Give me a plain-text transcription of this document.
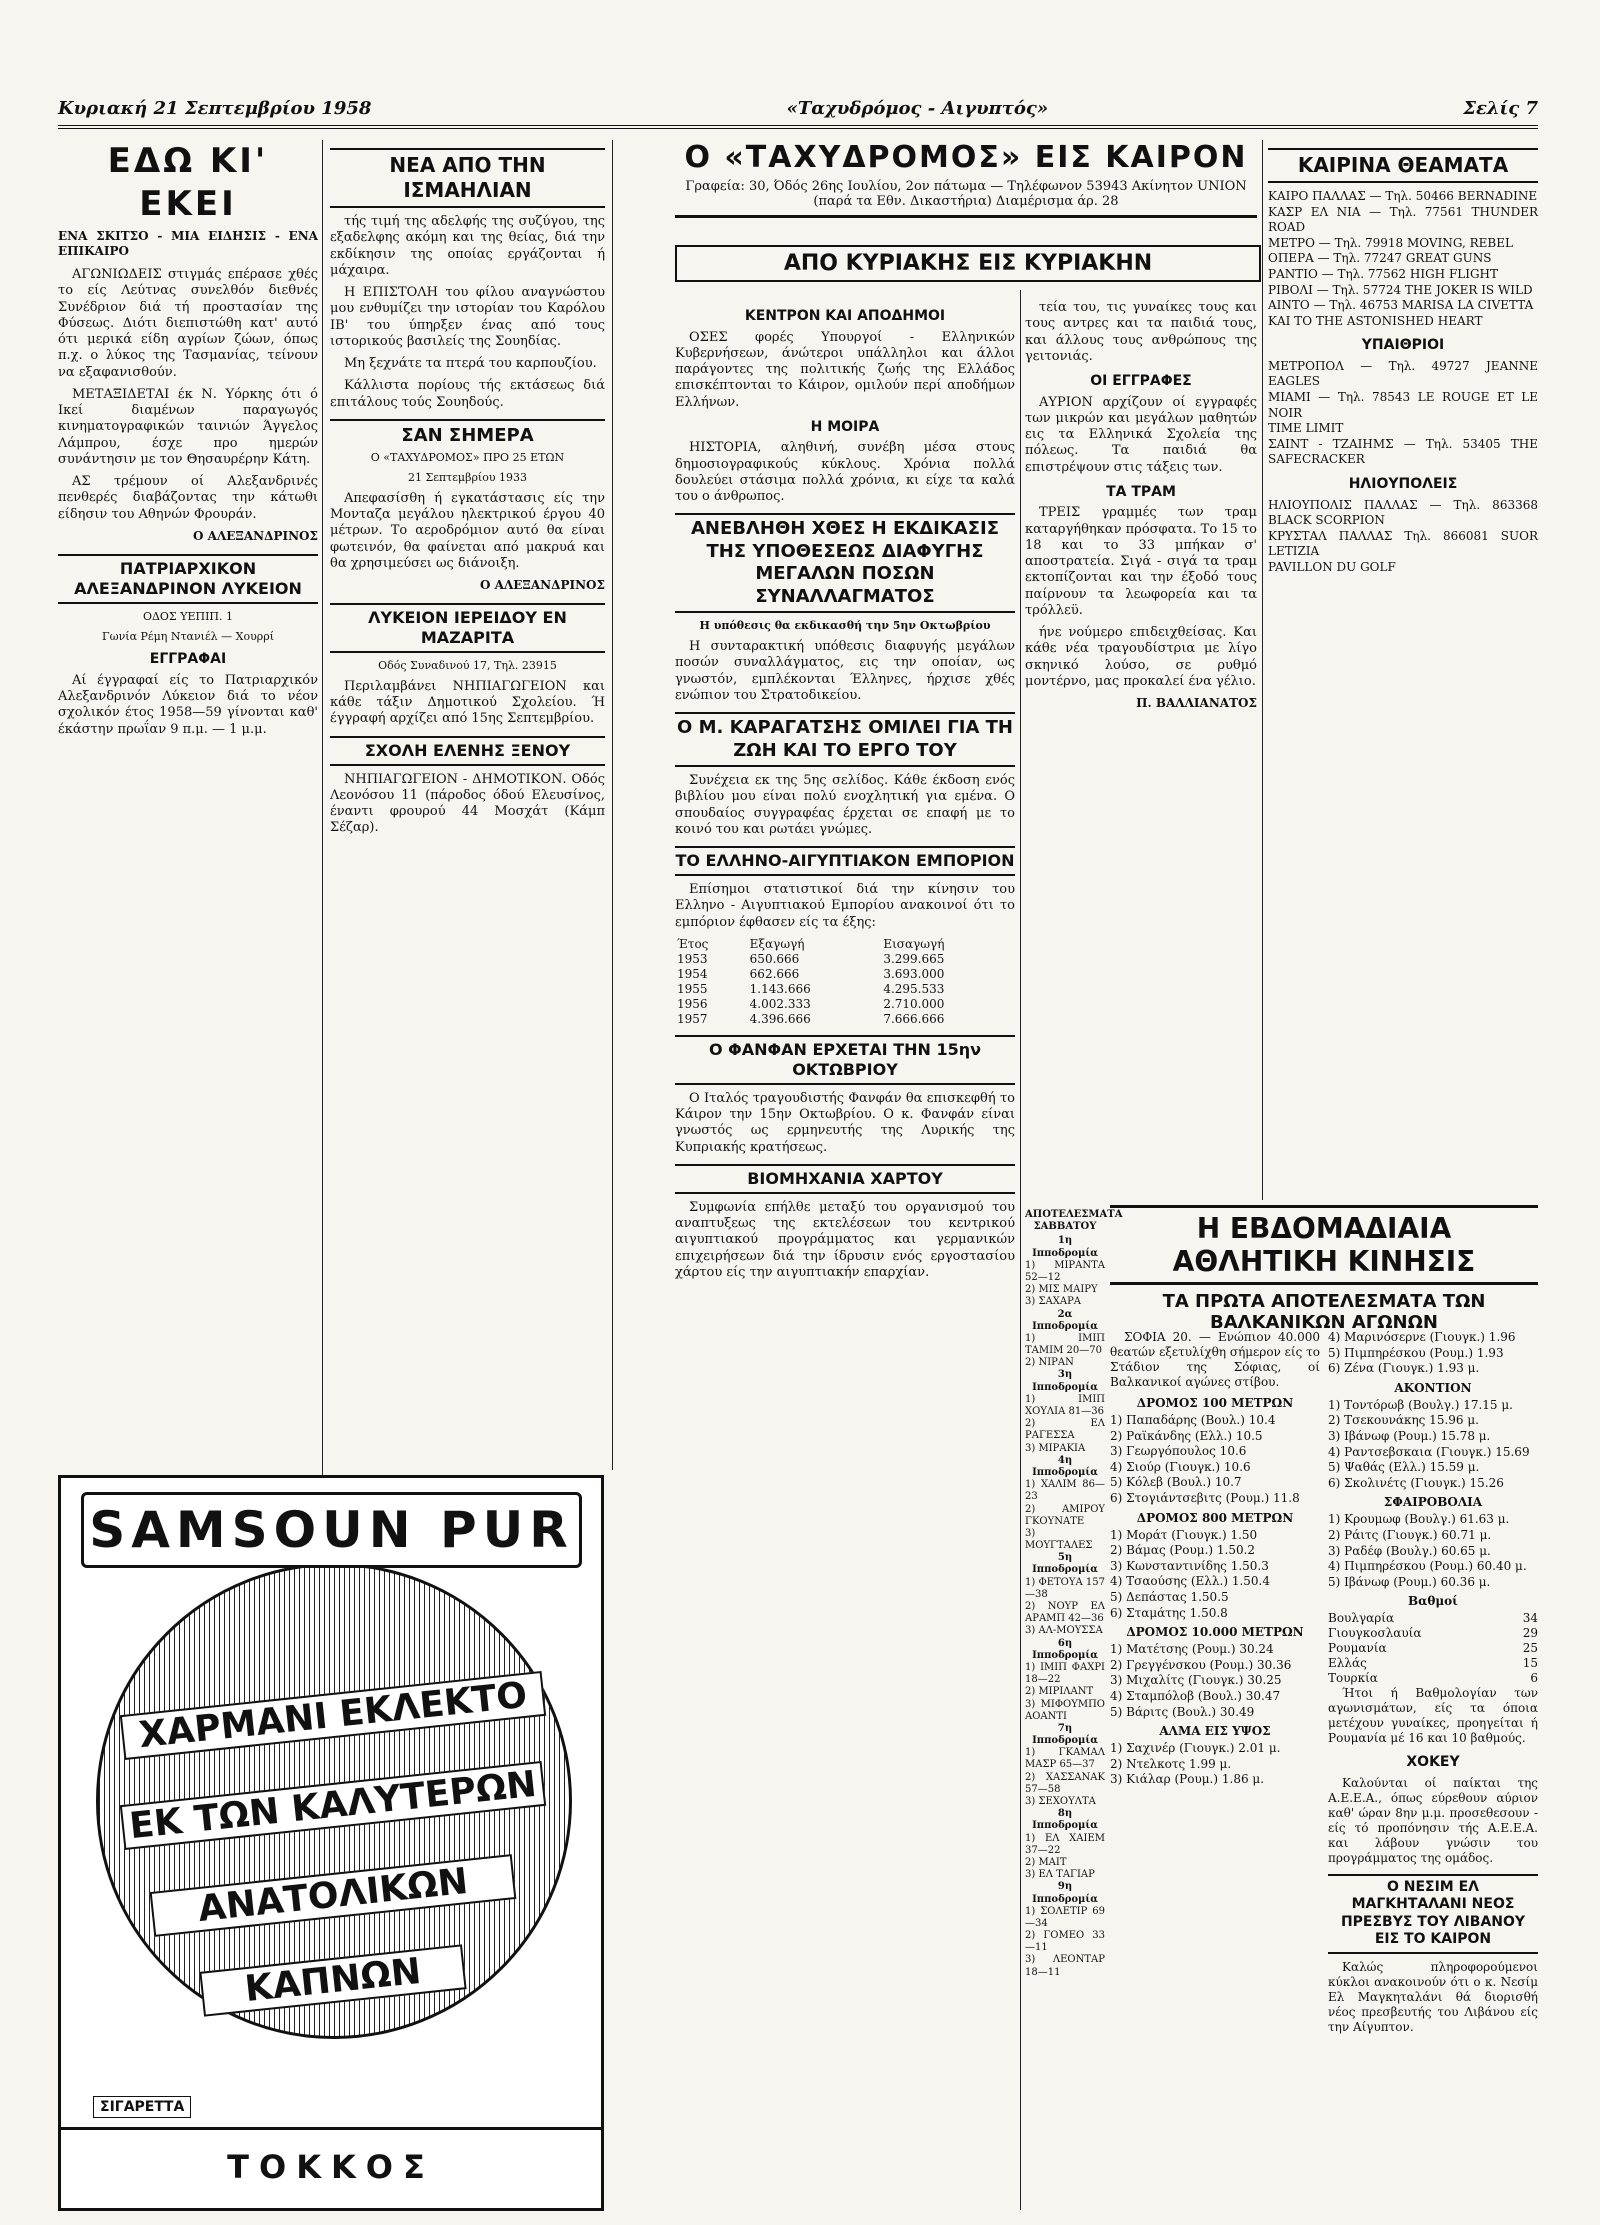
Κυριακή 21 Σεπτεμβρίου 1958	«Ταχυδρόμος - Αιγυπτός»	Σελίς 7
ΕΔΩ ΚΙ' ΕΚΕΙ
ΕΝΑ ΣΚΙΤΣΟ - ΜΙΑ ΕΙΔΗΣΙΣ - ΕΝΑ ΕΠΙΚΑΙΡΟ

ΑΓΩΝΙΩΔΕΙΣ στιγμάς επέρασε χθές το είς Λεύτνας συνελθόν διεθνές Συνέδριον διά τή προστασίαν της Φύσεως. Διότι διεπιστώθη κατ' αυτό ότι μερικά είδη αγρίων ζώων, όπως π.χ. ο λύκος της Τασμανίας, τείνουν να εξαφανισθούν.

ΜΕΤΑΞΙΔΕΤΑΙ έκ Ν. Υόρκης ότι ό Ικεί διαμένων παραγωγός κινηματογραφικών ταινιών Άγγελος Λάμπρου, έσχε προ ημερών συνάντησιν με τον Θησαυρέρην Κάτη.

ΑΣ τρέμουν οί Αλεξανδρινές πενθερές διαβάζοντας την κάτωθι είδησιν του Αθηνών Φρουράν.

Ο ΑΛΕΞΑΝΔΡΙΝΟΣ
ΠΑΤΡΙΑΡΧΙΚΟΝ ΑΛΕΞΑΝΔΡΙΝΟΝ ΛΥΚΕΙΟΝ
ΟΔΟΣ ΥΕΠΙΠ. 1
Γωνία Ρέμη Ντανιέλ — Χουρρί
ΕΓΓΡΑΦΑΙ

Αί έγγραφαί είς το Πατριαρχικόν Αλεξανδρινόν Λύκειον διά το νέον σχολικόν έτος 1958—59 γίνονται καθ' έκάστην πρωΐαν 9 π.μ. — 1 μ.μ.

ΝΕΑ ΑΠΟ ΤΗΝ ΙΣΜΑΗΛΙΑΝ

τής τιμή της αδελφής της συζύγου, της εξαδελφης ακόμη και της θείας, διά την εκδίκησιν της οποίας εργάζονται ή μάχαιρα.

Η ΕΠΙΣΤΟΛΗ του φίλου αναγνώστου μου ενθυμίζει την ιστορίαν του Καρόλου ΙΒ' του ύπηρξεν ένας από τους ιστορικούς βασιλείς της Σουηδίας.

Μη ξεχνάτε τα πτερά του καρπουζίου.

Κάλλιστα πορίους τής εκτάσεως διά επιτάλους τούς Σουηδούς.

ΣΑΝ ΣΗΜΕΡΑ
Ο «ΤΑΧΥΔΡΟΜΟΣ» ΠΡΟ 25 ΕΤΩΝ
21 Σεπτεμβρίου 1933

Απεφασίσθη ή εγκατάστασις είς την Μονταζα μεγάλου ηλεκτρικού έργου 40 μέτρων. Το αεροδρόμιον αυτό θα είναι φωτεινόν, θα φαίνεται από μακρυά και θα χρησιμεύσει ως διάνοιξη.

Ο ΑΛΕΞΑΝΔΡΙΝΟΣ
ΛΥΚΕΙΟΝ ΙΕΡΕΙΔΟΥ ΕΝ ΜΑΖΑΡΙΤΑ
Οδός Συναδινού 17, Τηλ. 23915

Περιλαμβάνει ΝΗΠΙΑΓΩΓΕΙΟΝ και κάθε τάξιν Δημοτικού Σχολείου. Ή έγγραφή αρχίζει από 15ης Σεπτεμβρίου.

ΣΧΟΛΗ ΕΛΕΝΗΣ ΞΕΝΟΥ

ΝΗΠΙΑΓΩΓΕΙΟΝ - ΔΗΜΟΤΙΚΟΝ. Οδός Λεονόσου 11 (πάροδος όδού Ελευσίνος, έναντι φρουρού 44 Μοσχάτ (Κάμπ Σέζαρ).

SAMSOUN PUR
ΧΑΡΜΑΝΙ ΕΚΛΕΚΤΟ
ΕΚ ΤΩΝ ΚΑΛΥΤΕΡΩΝ
ΑΝΑΤΟΛΙΚΩΝ
ΚΑΠΝΩΝ
ΣΙΓΑΡΕΤΤΑ
ΤΟΚΚΟΣ
Ο «ΤΑΧΥΔΡΟΜΟΣ» ΕΙΣ ΚΑΙΡΟΝ
Γραφεία: 30, Όδός 26ης Ιουλίου, 2ον πάτωμα — Τηλέφωνον 53943 Ακίνητον UNION (παρά τα Εθν. Δικαστήρια) Διαμέρισμα άρ. 28
ΑΠΟ ΚΥΡΙΑΚΗΣ ΕΙΣ ΚΥΡΙΑΚΗΝ
ΚΕΝΤΡΟΝ ΚΑΙ ΑΠΟΔΗΜΟΙ

ΟΣΕΣ φορές Υπουργοί - Ελληνικών Κυβερνήσεων, άνώτεροι υπάλληλοι και άλλοι παράγοντες της πολιτικής ζωής της Ελλάδος επισκέπτονται το Κάιρον, ομιλούν περί αποδήμων Ελλήνων.

Η ΜΟΙΡΑ

ΗΙΣΤΟΡΙΑ, αληθινή, συνέβη μέσα στους δημοσιογραφικούς κύκλους. Χρόνια πολλά δουλεύει στάσιμα πολλά χρόνια, κι είχε τα καλά του ο άνθρωπος.

ΑΝΕΒΛΗΘΗ ΧΘΕΣ Η ΕΚΔΙΚΑΣΙΣ ΤΗΣ ΥΠΟΘΕΣΕΩΣ ΔΙΑΦΥΓΗΣ ΜΕΓΑΛΩΝ ΠΟΣΩΝ ΣΥΝΑΛΛΑΓΜΑΤΟΣ
Η υπόθεσις θα εκδικασθή την 5ην Οκτωβρίου

Η συνταρακτική υπόθεσις διαφυγής μεγάλων ποσών συναλλάγματος, εις την οποίαν, ως γνωστόν, εμπλέκονται Έλληνες, ήρχισε χθές ενώπιον του Στρατοδικείου.

Ο Μ. ΚΑΡΑΓΑΤΣΗΣ ΟΜΙΛΕΙ ΓΙΑ ΤΗ ΖΩΗ ΚΑΙ ΤΟ ΕΡΓΟ ΤΟΥ

Συνέχεια εκ της 5ης σελίδος. Κάθε έκδοση ενός βιβλίου μου είναι πολύ ενοχλητική για εμένα. Ο σπουδαίος συγγραφέας έρχεται σε επαφή με το κοινό του και ρωτάει γνώμες.

ΤΟ ΕΛΛΗΝΟ-ΑΙΓΥΠΤΙΑΚΟΝ ΕΜΠΟΡΙΟΝ

Επίσημοι στατιστικοί διά την κίνησιν του Ελληνο - Αιγυπτιακού Εμπορίου ανακοινοί ότι το εμπόριον έφθασεν είς τα έξης:

Έτος	Εξαγωγή	Εισαγωγή
1953	650.666	3.299.665
1954	662.666	3.693.000
1955	1.143.666	4.295.533
1956	4.002.333	2.710.000
1957	4.396.666	7.666.666
Ο ΦΑΝΦΑΝ ΕΡΧΕΤΑΙ ΤΗΝ 15ην ΟΚΤΩΒΡΙΟΥ

Ο Ιταλός τραγουδιστής Φανφάν θα επισκεφθή το Κάιρον την 15ην Οκτωβρίου. Ο κ. Φανφάν είναι γνωστός ως ερμηνευτής της Λυρικής της Κυπριακής κρατήσεως.

ΒΙΟΜΗΧΑΝΙΑ ΧΑΡΤΟΥ

Συμφωνία επήλθε μεταξύ του οργανισμού του αναπτυξεως της εκτελέσεων του κεντρικού αιγυπτιακού προγράμματος και γερμανικών επιχειρήσεων διά την ίδρυσιν ενός εργοστασίου χάρτου είς την αιγυπτιακήν επαρχίαν.

τεία του, τις γυναίκες τους και τους αντρες και τα παιδιά τους, και άλλους τους ανθρώπους της γειτονιάς.

ΟΙ ΕΓΓΡΑΦΕΣ

ΑΥΡΙΟΝ αρχίζουν οί εγγραφές των μικρών και μεγάλων μαθητών εις τα Ελληνικά Σχολεία της πόλεως. Τα παιδιά θα επιστρέψουν στις τάξεις των.

ΤΑ ΤΡΑΜ

ΤΡΕΙΣ γραμμές των τραμ καταργήθηκαν πρόσφατα. Το 15 το 18 και το 33 μπήκαν σ' αποστρατεία. Σιγά - σιγά τα τραμ εκτοπίζονται και την έξοδό τους παίρνουν τα λεωφορεία και τα τρόλλεϋ.

ήνε νούμερο επιδειχθείσας. Και κάθε νέα τραγουδίστρια με λίγο σκηνικό λούσο, σε ρυθμό μοντέρνο, μας προκαλεί ένα γέλιο.

Π. ΒΑΛΛΙΑΝΑΤΟΣ
ΑΠΟΤΕΛΕΣΜΑΤΑ ΣΑΒΒΑΤΟΥ
1η Ιπποδρομία
1) ΜΙΡΑΝΤΑ 52—12
2) ΜΙΣ ΜΑΙΡΥ
3) ΣΑΧΑΡΑ
2α Ιπποδρομία
1) ΙΜΙΠ ΤΑΜΙΜ 20—70
2) ΝΙΡΑΝ
3η Ιπποδρομία
1) ΙΜΙΠ ΧΟΥΛΙΑ 81—36
2) ΕΛ ΡΑΓΕΣΣΑ
3) ΜΙΡΑΚΙΑ
4η Ιπποδρομία
1) ΧΑΛΙΜ 86—23
2) ΑΜΙΡΟΥ ΓΚΟΥΝΑΤΕ
3) ΜΟΥΓΤΑΛΕΣ
5η Ιπποδρομία
1) ΦΕΤΟΥΑ 157—38
2) ΝΟΥΡ ΕΛ ΑΡΑΜΠ 42—36
3) ΑΛ-ΜΟΥΣΣΑ
6η Ιπποδρομία
1) ΙΜΙΠ ΦΑΧΡΙ 18—22
2) ΜΙΡΙΛΑΝΤ
3) ΜΙΦΟΥΜΠΟ ΑΟΑΝΤΙ
7η Ιπποδρομία
1) ΓΚΑΜΑΛ ΜΑΣΡ 65—37
2) ΧΑΣΣΑΝΑΚ 57—58
3) ΣΕΧΟΥΛΤΑ
8η Ιπποδρομία
1) ΕΛ ΧΑΙΕΜ 37—22
2) ΜΑΙΤ
3) ΕΛ ΤΑΓΙΑΡ
9η Ιπποδρομία
1) ΣΟΛΕΤΙΡ 69—34
2) ΓΟΜΕΟ 33—11
3) ΛΕΟΝΤΑΡ 18—11
ΚΑΙΡΙΝΑ ΘΕΑΜΑΤΑ
ΚΑΙΡΟ ΠΑΛΛΑΣ — Τηλ. 50466 BERNADINE
ΚΑΣΡ ΕΛ ΝΙΑ — Τηλ. 77561 THUNDER ROAD
ΜΕΤΡΟ — Τηλ. 79918 MOVING, REBEL
ΟΠΕΡΑ — Τηλ. 77247 GREAT GUNS
ΡΑΝΤΙΟ — Τηλ. 77562 HIGH FLIGHT
ΡΙΒΟΛΙ — Τηλ. 57724 THE JOKER IS WILD
ΑΙΝΤΟ — Τηλ. 46753 MARISA LA CIVETTA
ΚΑΙ ΤΟ THE ASTONISHED HEART
ΥΠΑΙΘΡΙΟΙ
ΜΕΤΡΟΠΟΛ — Τηλ. 49727 JEANNE EAGLES
ΜΙΑΜΙ — Τηλ. 78543 LE ROUGE ET LE NOIR
TIME LIMIT
ΣΑΙΝΤ - ΤΖΑΙΗΜΣ — Τηλ. 53405 THE SAFECRACKER
ΗΛΙΟΥΠΟΛΕΙΣ
ΗΛΙΟΥΠΟΛΙΣ ΠΑΛΛΑΣ — Τηλ. 863368 BLACK SCORPION
ΚΡΥΣΤΑΛ ΠΑΛΛΑΣ Τηλ. 866081 SUOR LETIZIA
PAVILLON DU GOLF
Η ΕΒΔΟΜΑΔΙΑΙΑ ΑΘΛΗΤΙΚΗ ΚΙΝΗΣΙΣ
ΤΑ ΠΡΩΤΑ ΑΠΟΤΕΛΕΣΜΑΤΑ ΤΩΝ ΒΑΛΚΑΝΙΚΩΝ ΑΓΩΝΩΝ

ΣΟΦΙΑ 20. — Ενώπιον 40.000 θεατών εξετυλίχθη σήμερον είς το Στάδιον της Σόφιας, οί Βαλκανικοί αγώνες στίβου.

ΔΡΟΜΟΣ 100 ΜΕΤΡΩΝ
1) Παπαδάρης (Βουλ.) 10.4
2) Ραϊκάνδης (Ελλ.) 10.5
3) Γεωργόπουλος 10.6
4) Σιούρ (Γιουγκ.) 10.6
5) Κόλεβ (Βουλ.) 10.7
6) Στογιάντσεβιτς (Ρουμ.) 11.8
ΔΡΟΜΟΣ 800 ΜΕΤΡΩΝ
1) Μοράτ (Γιουγκ.) 1.50
2) Βάμας (Ρουμ.) 1.50.2
3) Κωνσταντινίδης 1.50.3
4) Τσαούσης (Ελλ.) 1.50.4
5) Δεπάστας 1.50.5
6) Σταμάτης 1.50.8
ΔΡΟΜΟΣ 10.000 ΜΕΤΡΩΝ
1) Ματέτσης (Ρουμ.) 30.24
2) Γρεγγένσκου (Ρουμ.) 30.36
3) Μιχαλίτς (Γιουγκ.) 30.25
4) Σταμπόλοβ (Βουλ.) 30.47
5) Βάριτς (Βουλ.) 30.49
ΑΛΜΑ ΕΙΣ ΥΨΟΣ
1) Σαχινέρ (Γιουγκ.) 2.01 μ.
2) Ντελκοτς 1.99 μ.
3) Κιάλαρ (Ρουμ.) 1.86 μ.
4) Μαρινόσερνε (Γιουγκ.) 1.96
5) Πιμπηρέσκου (Ρουμ.) 1.93
6) Ζένα (Γιουγκ.) 1.93 μ.
ΑΚΟΝΤΙΟΝ
1) Τοντόρωβ (Βουλγ.) 17.15 μ.
2) Τσεκουνάκης 15.96 μ.
3) Ιβάνωφ (Ρουμ.) 15.78 μ.
4) Ραντσεβσκαια (Γιουγκ.) 15.69
5) Ψαθάς (Ελλ.) 15.59 μ.
6) Σκολινέτς (Γιουγκ.) 15.26
ΣΦΑΙΡΟΒΟΛΙΑ
1) Κρουμωφ (Βουλγ.) 61.63 μ.
2) Ράιτς (Γιουγκ.) 60.71 μ.
3) Ραδέφ (Βουλγ.) 60.65 μ.
4) Πιμπηρέσκου (Ρουμ.) 60.40 μ.
5) Ιβάνωφ (Ρουμ.) 60.36 μ.
Βαθμοί
Βουλγαρία	34
Γιουγκοσλαυία	29
Ρουμανία	25
Ελλάς	15
Τουρκία	6

Ήτοι ή Βαθμολογίαν των αγωνισμάτων, είς τα όποια μετέχουν γυναίκες, προηγείται ή Ρουμανία μέ 16 και 10 βαθμούς.

ΧΟΚΕΥ

Καλούνται οί παίκται της Α.Ε.Ε.Α., όπως εύρεθουν αύριον καθ' ώραν 8ην μ.μ. προσεθεσουν - είς τό προπόνησιν τής Α.Ε.Ε.Α. και λάβουν γνώσιν του προγράμματος της ομάδος.

Ο ΝΕΣΙΜ ΕΛ ΜΑΓΚΗΤΑΛΑΝΙ ΝΕΟΣ ΠΡΕΣΒΥΣ ΤΟΥ ΛΙΒΑΝΟΥ ΕΙΣ ΤΟ ΚΑΙΡΟΝ

Καλώς πληροφορούμενοι κύκλοι ανακοινούν ότι ο κ. Νεσίμ Ελ Μαγκηταλάνι θά διορισθή νέος πρεσβευτής του Λιβάνου είς την Αίγυπτον.
